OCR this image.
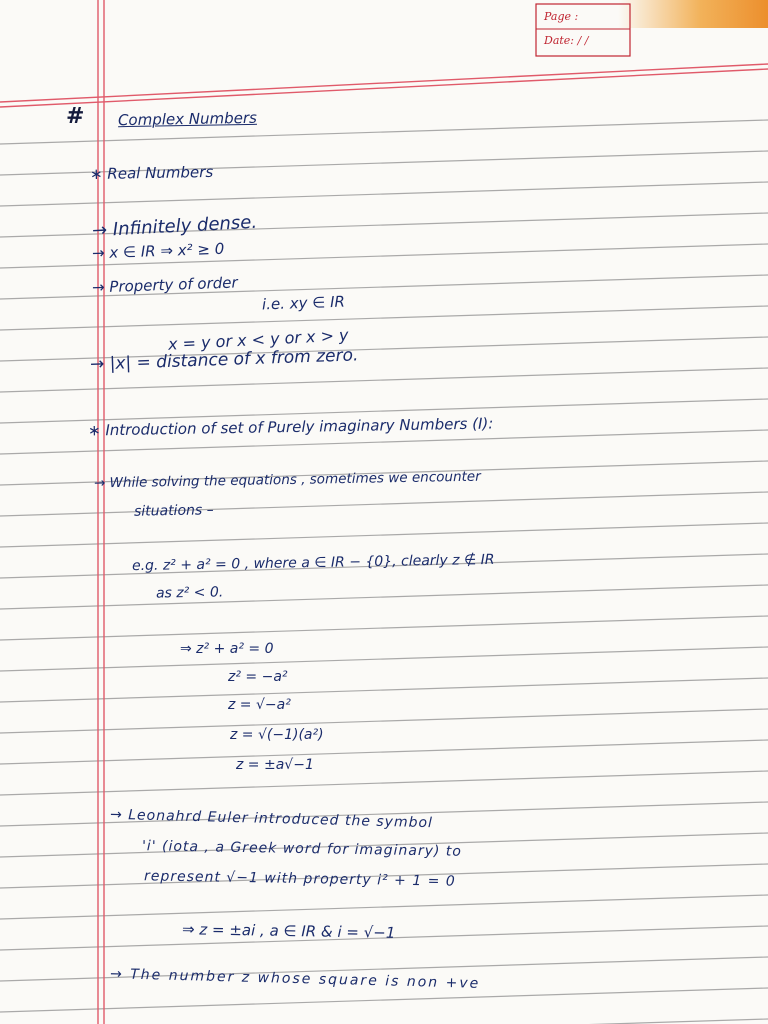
Page :
Date: / /
# Complex Numbers
∗ Real Numbers
→ Infinitely dense.
→ x ∈ IR ⇒ x² ≥ 0
→ Property of order
i.e. xy ∈ IR
x = y or x < y or x > y
→ |x| = distance of x from zero.
∗ Introduction of set of Purely imaginary Numbers (I):
→ While solving the equations , sometimes we encounter
situations –
e.g. z² + a² = 0 , where a ∈ IR − {0}, clearly z ∉ IR
as z² < 0.
⇒ z² + a² = 0
z² = −a²
z = √−a²
z = √(−1)(a²)
z = ±a√−1
→ Leonahrd Euler introduced the symbol
'i' (iota , a Greek word for imaginary) to
represent √−1 with property i² + 1 = 0
⇒ z = ±ai , a ∈ IR & i = √−1
→ The number z whose square is non +ve
